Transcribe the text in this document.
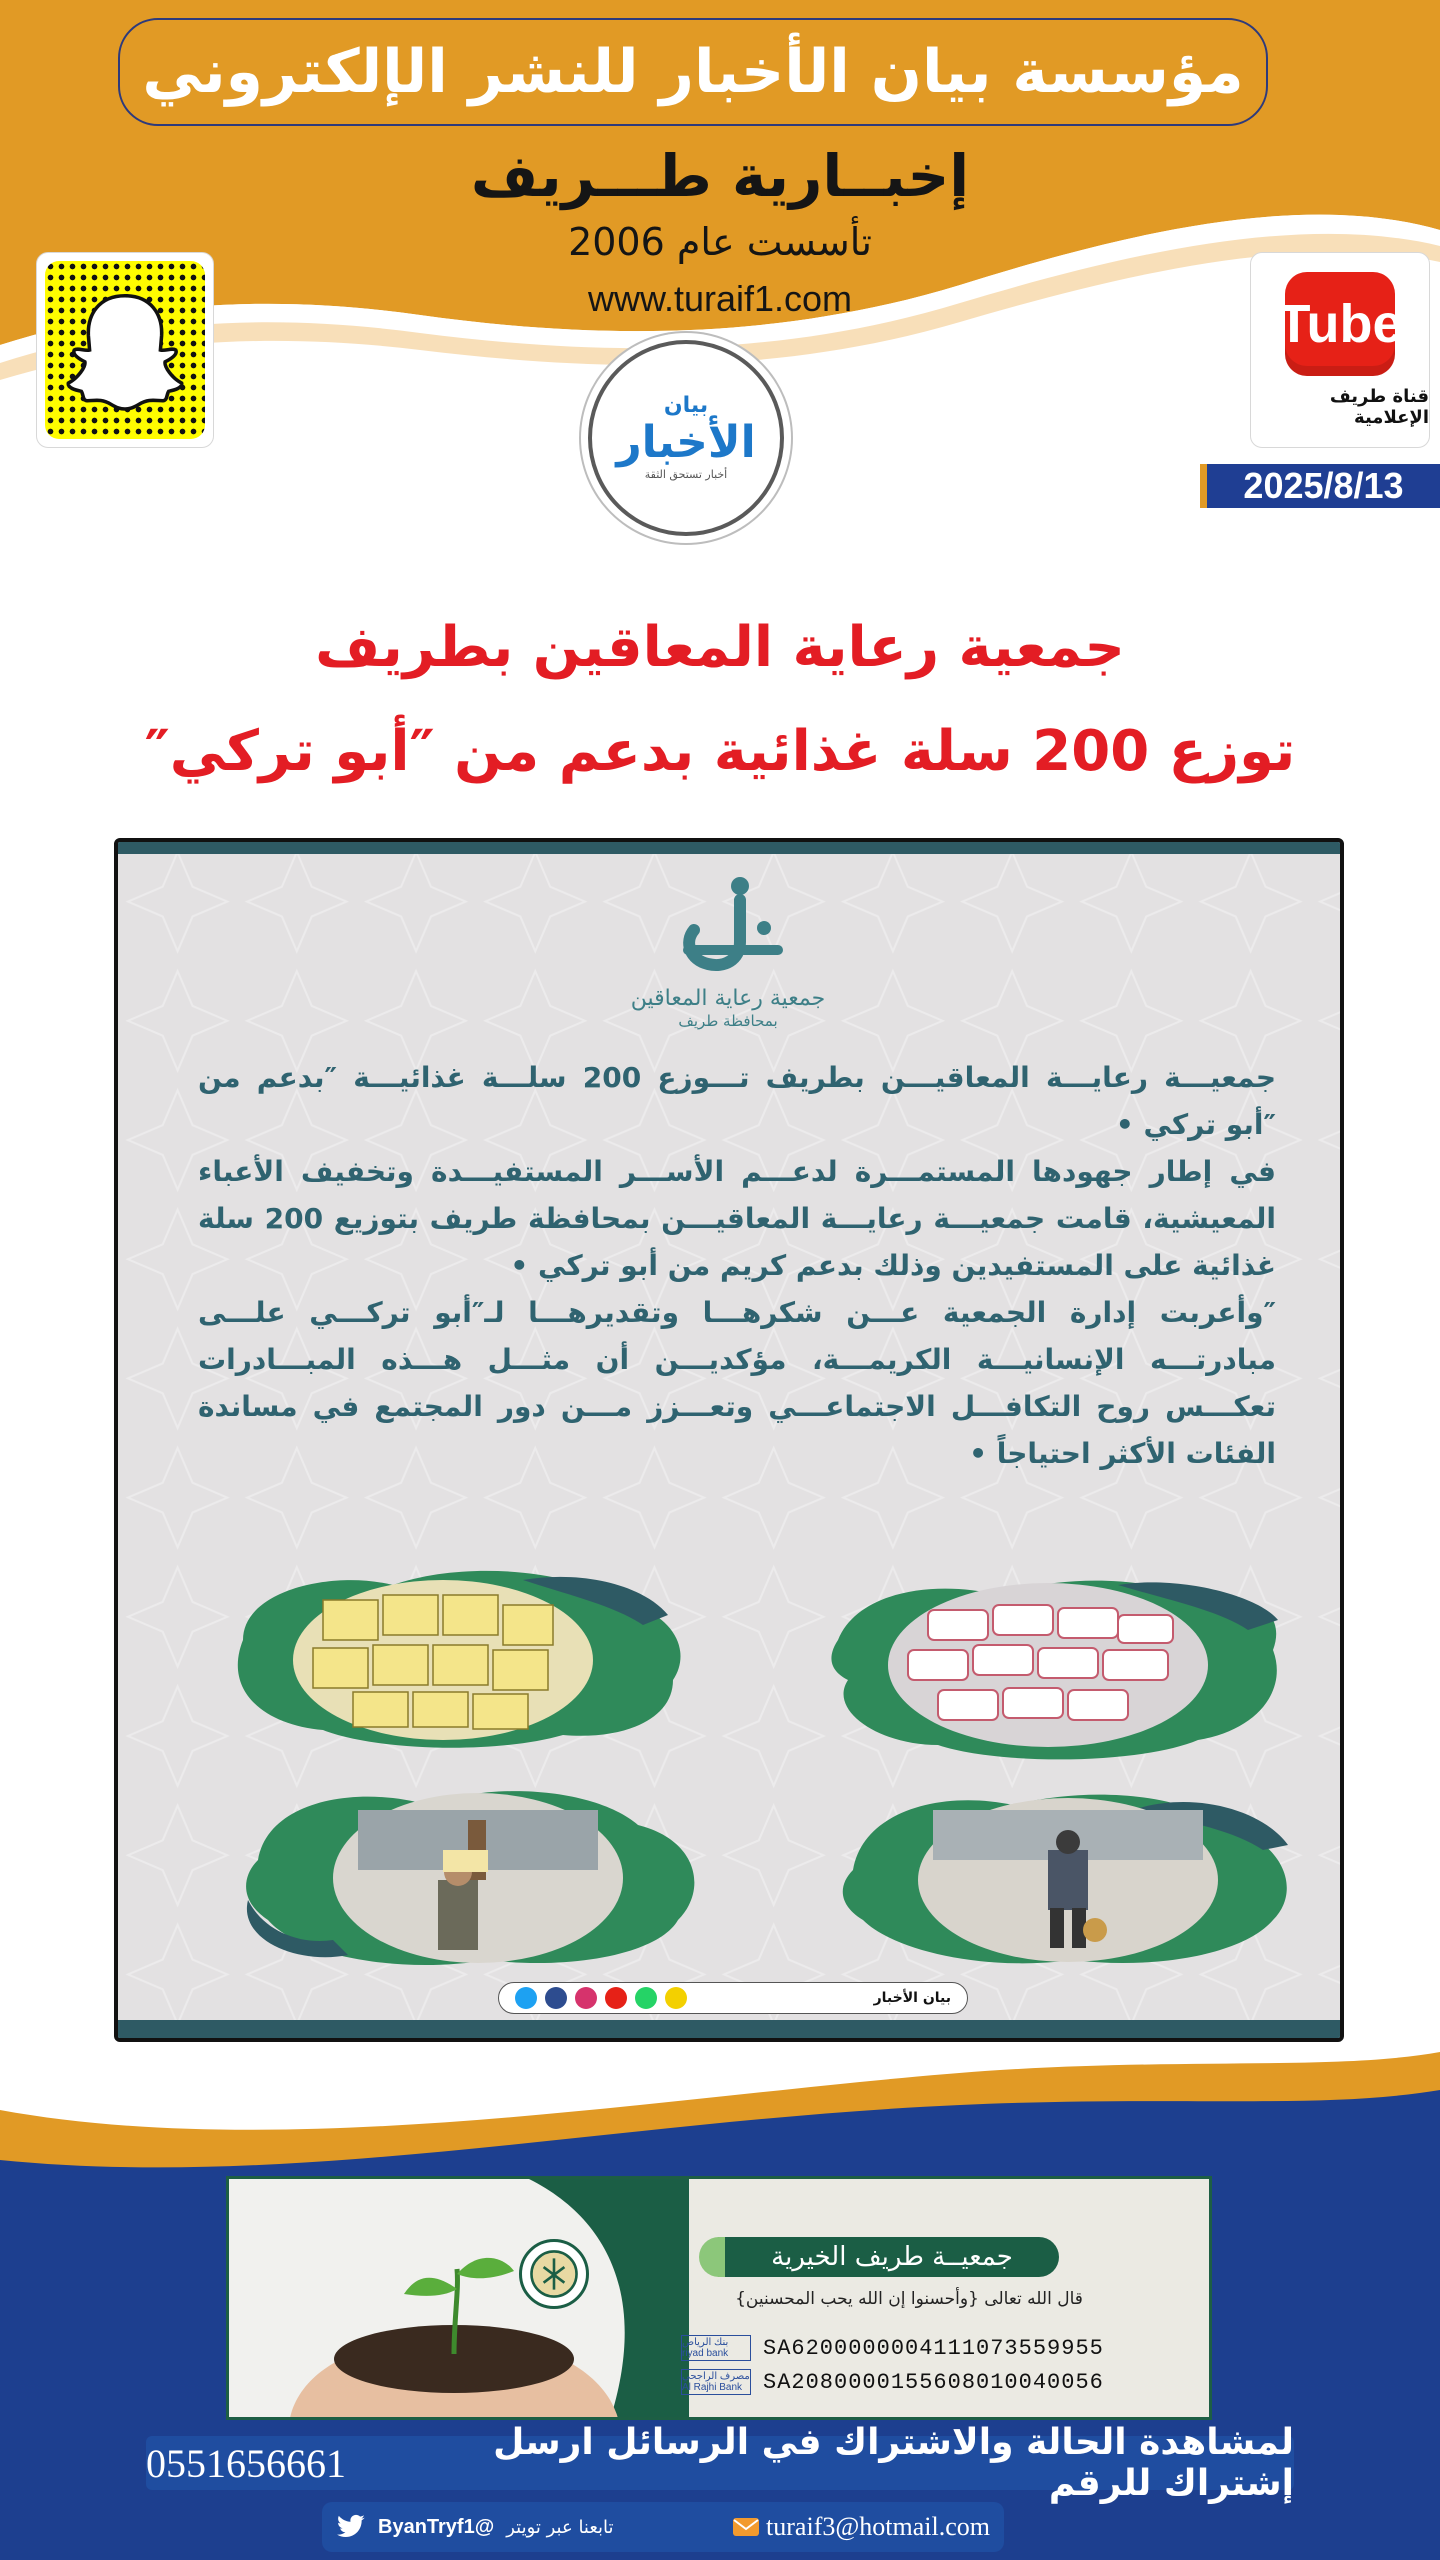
مؤسسة بيان الأخبار للنشر الإلكتروني
إخبــارية طـــريف
تأسست عام 2006
www.turaif1.com	Tube
قناة طريف الإعلامية
2025/8/13
بيان
الأخبار
أخبار تستحق الثقة
جمعية رعاية المعاقين بطريف
توزع 200 سلة غذائية بدعم من ″أبو تركي″
جمعية رعاية المعاقين
بمحافظة طريف

جمعيـــة رعايـــة المعاقيـــن بطريف تـــوزع 200 سلـــة غذائيـــة ″بدعم من ″أبو تركي •

في إطار جهودها المستمـــرة لدعـــم الأســـر المستفيـــدة وتخفيف الأعباء المعيشية، قامت جمعيـــة رعايـــة المعاقيـــن بمحافظة طريف بتوزيع 200 سلة غذائية على المستفيدين وذلك بدعم كريم من أبو تركي •

″وأعربت إدارة الجمعية عـــن شكرهـــا وتقديرهـــا لـ″أبو تركـــي علـــى مبادرتـــه الإنسانيـــة الكريمـــة، مؤكديـــن أن مثـــل هـــذه المبـــادرات تعكـــس روح التكافـــل الاجتماعـــي وتعـــزز مـــن دور المجتمع في مساندة الفئات الأكثر احتياجاً •

بيان الأخبار
جمعيــة طريف الخيرية
قال الله تعالى {وأحسنوا إن الله يحب المحسنين}
بنك الرياض riyad bank	SA6200000004111073559955
مصرف الراجحي Al Rajhi Bank SA2080000155608010040056
لمشاهدة الحالة والاشتراك في الرسائل ارسل إشتراك للرقم
0551656661
ByanTryf1@ تابعنا عبر تويتر	turaif3@hotmail.com
